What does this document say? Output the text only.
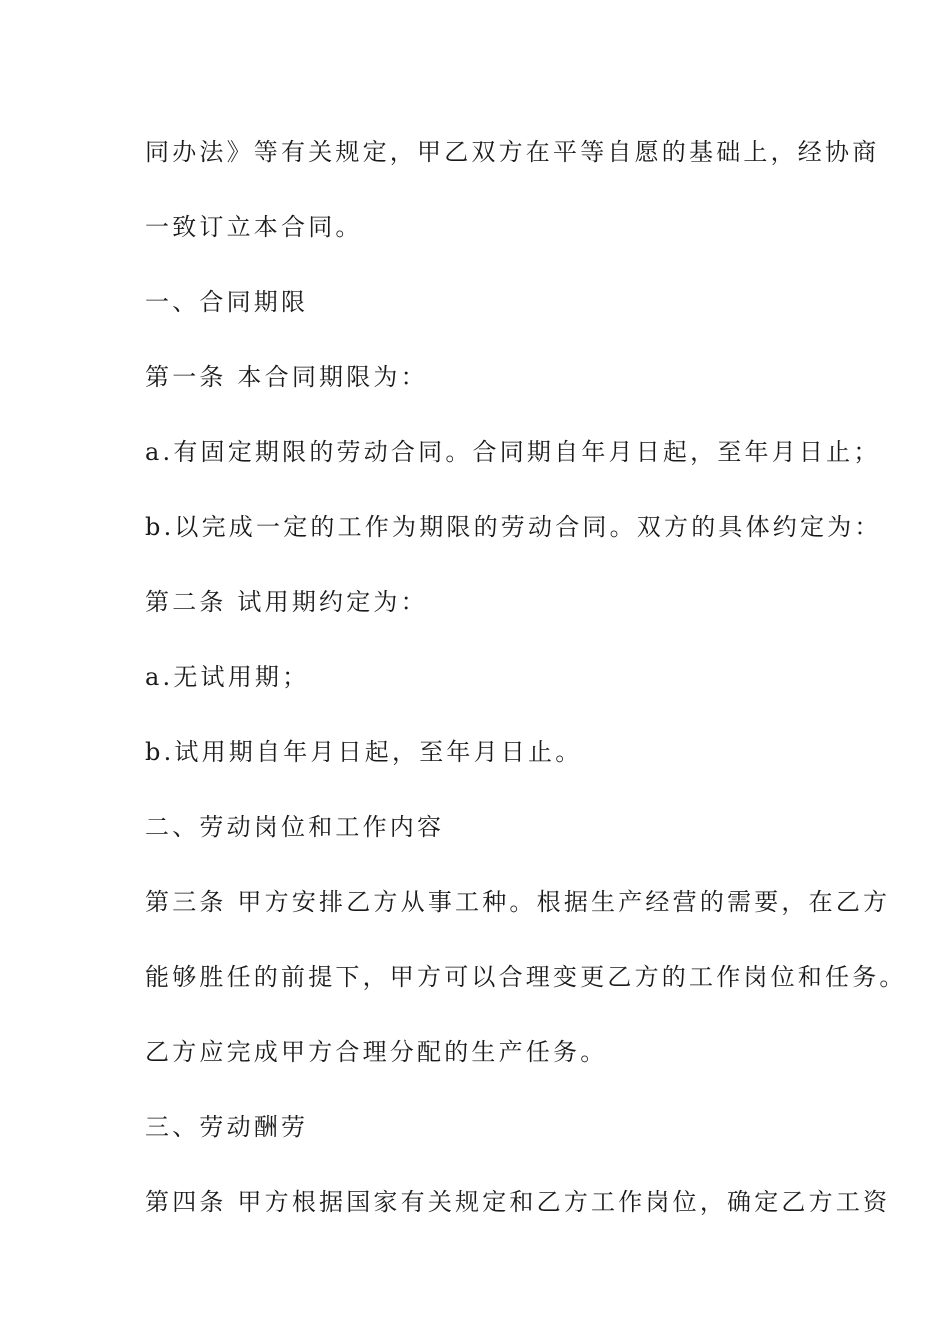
同办法》等有关规定，甲乙双方在平等自愿的基础上，经协商
一致订立本合同。
一、合同期限
第一条 本合同期限为：
a.有固定期限的劳动合同。合同期自年月日起，至年月日止；
b.以完成一定的工作为期限的劳动合同。双方的具体约定为：
第二条 试用期约定为：
a.无试用期；
b.试用期自年月日起，至年月日止。
二、劳动岗位和工作内容
第三条 甲方安排乙方从事工种。根据生产经营的需要，在乙方
能够胜任的前提下，甲方可以合理变更乙方的工作岗位和任务。
乙方应完成甲方合理分配的生产任务。
三、劳动酬劳
第四条 甲方根据国家有关规定和乙方工作岗位，确定乙方工资
